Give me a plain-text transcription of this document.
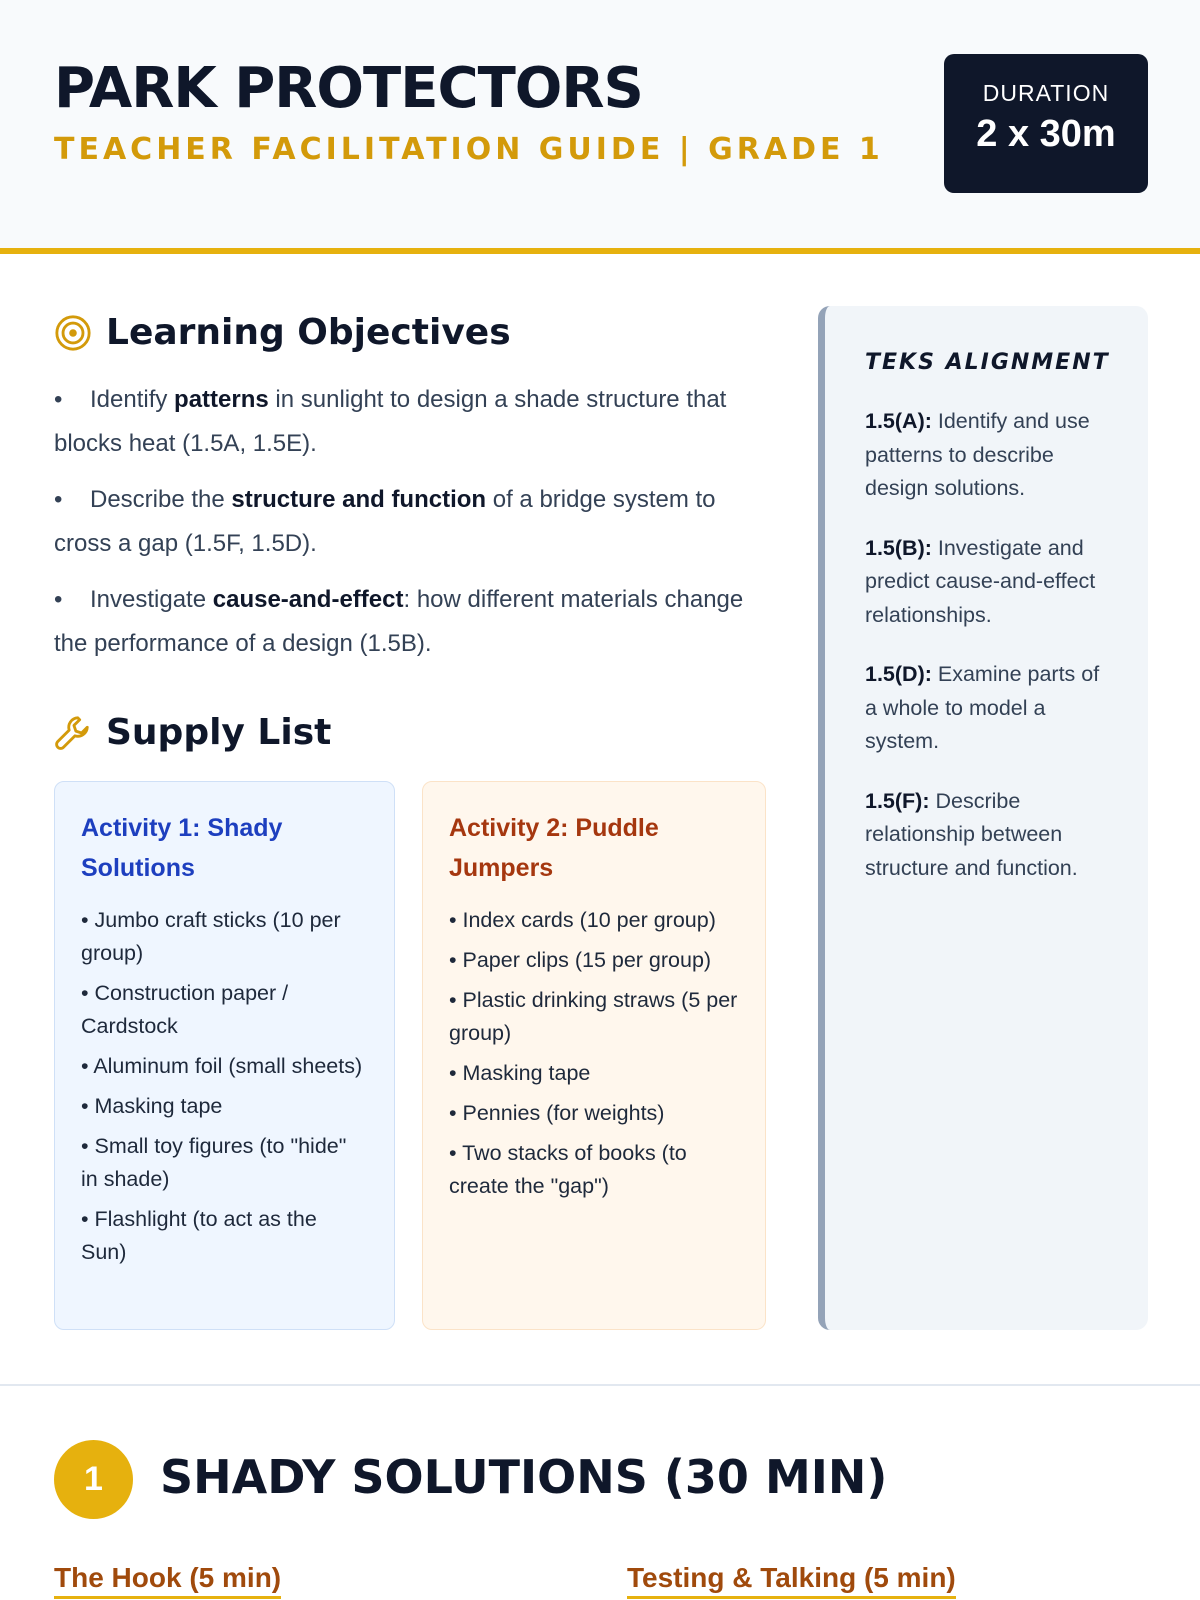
PARK PROTECTORS
TEACHER FACILITATION GUIDE | GRADE 1
DURATION
2 x 30m
Learning Objectives
• Identify patterns in sunlight to design a shade structure that blocks heat (1.5A, 1.5E).
• Describe the structure and function of a bridge system to cross a gap (1.5F, 1.5D).
• Investigate cause-and-effect: how different materials change the performance of a design (1.5B).
Supply List
Activity 1: Shady Solutions
• Jumbo craft sticks (10 per group)
• Construction paper / Cardstock
• Aluminum foil (small sheets)
• Masking tape
• Small toy figures (to "hide" in shade)
• Flashlight (to act as the Sun)
Activity 2: Puddle Jumpers
• Index cards (10 per group)
• Paper clips (15 per group)
• Plastic drinking straws (5 per group)
• Masking tape
• Pennies (for weights)
• Two stacks of books (to create the "gap")
TEKS ALIGNMENT

1.5(A): Identify and use patterns to describe design solutions.

1.5(B): Investigate and predict cause-and-effect relationships.

1.5(D): Examine parts of a whole to model a system.

1.5(F): Describe relationship between structure and function.

1	SHADY SOLUTIONS (30 MIN)
The Hook (5 min)	Testing & Talking (5 min)
